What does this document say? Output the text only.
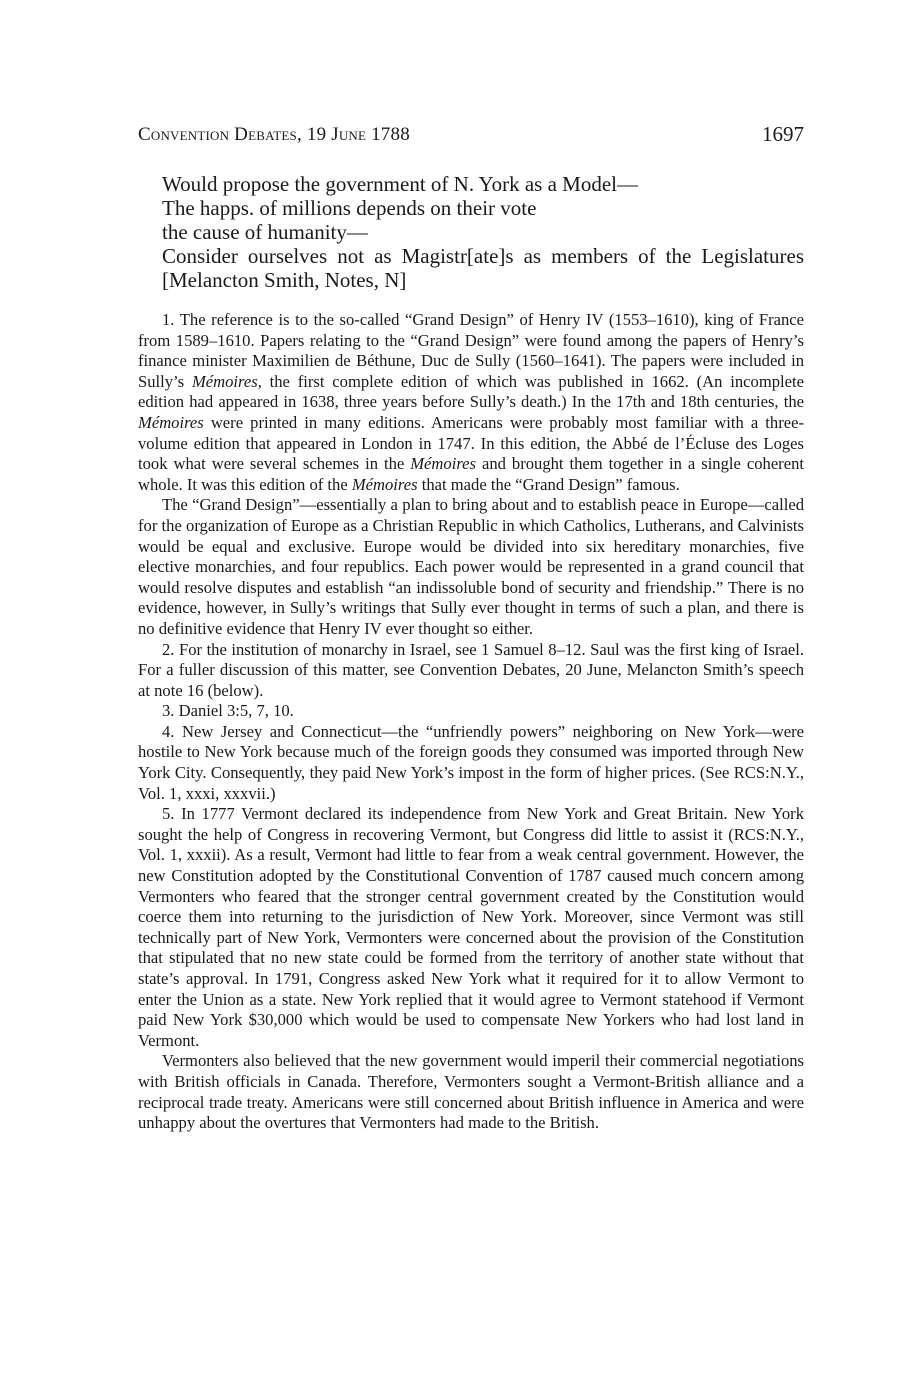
Convention Debates, 19 June 1788	1697

Would propose the government of N. York as a Model—

The happs. of millions depends on their vote

the cause of humanity—

Consider ourselves not as Magistr[ate]s as members of the Legislatures [Melancton Smith, Notes, N]

1. The reference is to the so-called “Grand Design” of Henry IV (1553–1610), king of France from 1589–1610. Papers relating to the “Grand Design” were found among the papers of Henry’s finance minister Maximilien de Béthune, Duc de Sully (1560–1641). The papers were included in Sully’s Mémoires, the first complete edition of which was published in 1662. (An incomplete edition had appeared in 1638, three years before Sully’s death.) In the 17th and 18th centuries, the Mémoires were printed in many editions. Americans were probably most familiar with a three-volume edition that appeared in London in 1747. In this edition, the Abbé de l’Écluse des Loges took what were several schemes in the Mémoires and brought them together in a single coherent whole. It was this edition of the Mémoires that made the “Grand Design” famous.

The “Grand Design”—essentially a plan to bring about and to establish peace in Europe—called for the organization of Europe as a Christian Republic in which Catholics, Lutherans, and Calvinists would be equal and exclusive. Europe would be divided into six hereditary monarchies, five elective monarchies, and four republics. Each power would be represented in a grand council that would resolve disputes and establish “an indissoluble bond of security and friendship.” There is no evidence, however, in Sully’s writings that Sully ever thought in terms of such a plan, and there is no definitive evidence that Henry IV ever thought so either.

2. For the institution of monarchy in Israel, see 1 Samuel 8–12. Saul was the first king of Israel. For a fuller discussion of this matter, see Convention Debates, 20 June, Melancton Smith’s speech at note 16 (below).

3. Daniel 3:5, 7, 10.

4. New Jersey and Connecticut—the “unfriendly powers” neighboring on New York—were hostile to New York because much of the foreign goods they consumed was imported through New York City. Consequently, they paid New York’s impost in the form of higher prices. (See RCS:N.Y., Vol. 1, xxxi, xxxvii.)

5. In 1777 Vermont declared its independence from New York and Great Britain. New York sought the help of Congress in recovering Vermont, but Congress did little to assist it (RCS:N.Y., Vol. 1, xxxii). As a result, Vermont had little to fear from a weak central government. However, the new Constitution adopted by the Constitutional Convention of 1787 caused much concern among Vermonters who feared that the stronger central government created by the Constitution would coerce them into returning to the jurisdiction of New York. Moreover, since Vermont was still technically part of New York, Vermonters were concerned about the provision of the Constitution that stipulated that no new state could be formed from the territory of another state without that state’s approval. In 1791, Congress asked New York what it required for it to allow Vermont to enter the Union as a state. New York replied that it would agree to Vermont statehood if Vermont paid New York $30,000 which would be used to compensate New Yorkers who had lost land in Vermont.

Vermonters also believed that the new government would imperil their commercial negotiations with British officials in Canada. Therefore, Vermonters sought a Vermont-British alliance and a reciprocal trade treaty. Americans were still concerned about British influence in America and were unhappy about the overtures that Vermonters had made to the British.
